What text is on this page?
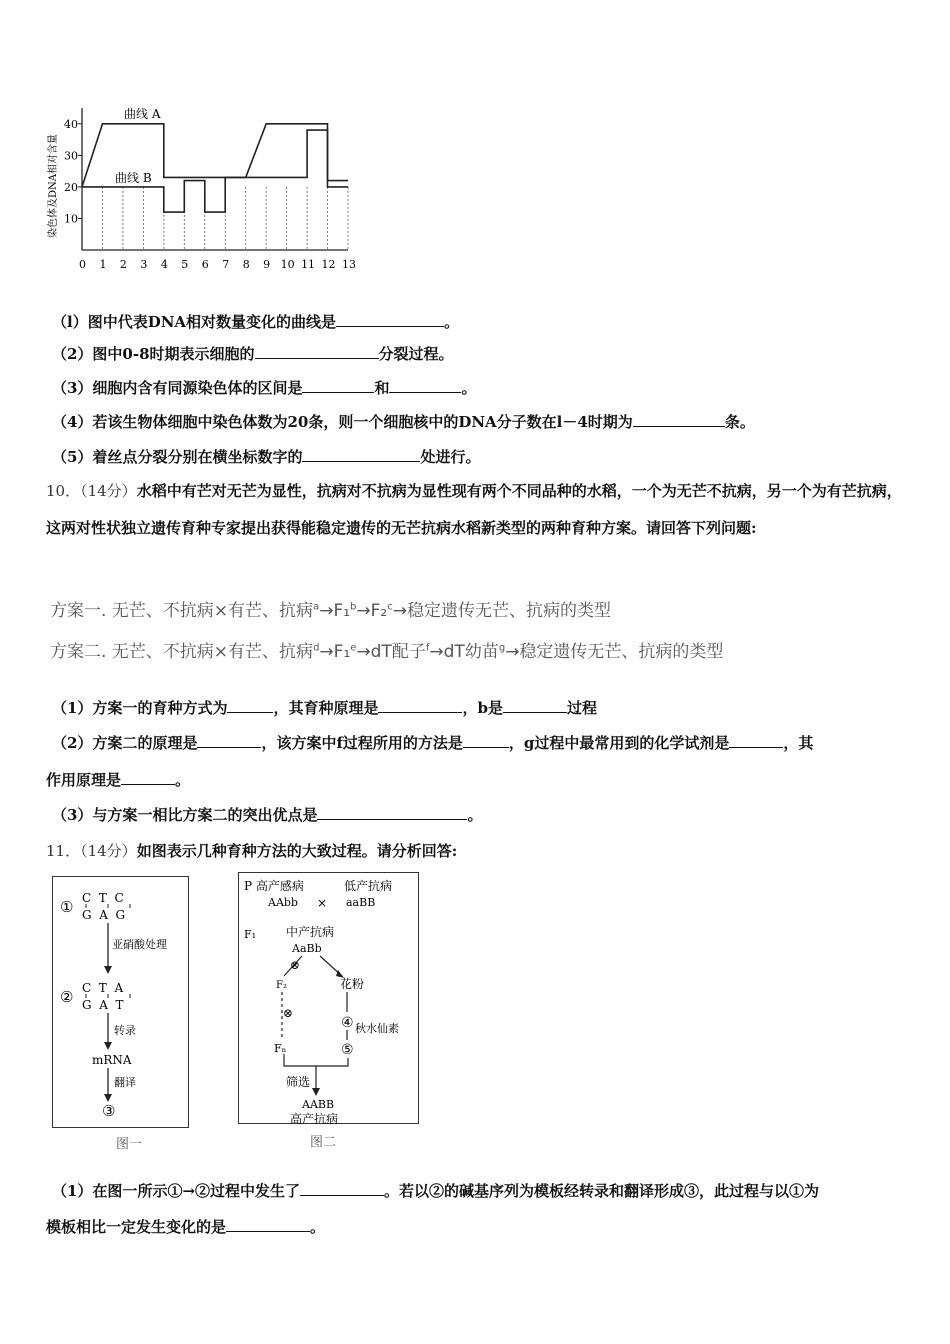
10
20
30
40
0 1 2 3 4 5 6 7 8 9 10 11 12 13
曲线 A
曲线 B
染色体及DNA相对含量
（l）图中代表DNA相对数量变化的曲线是	。
（2）图中0-8时期表示细胞的	分裂过程。
（3）细胞内含有同源染色体的区间是	和	。
（4）若该生物体细胞中染色体数为20条，则一个细胞核中的DNA分子数在l－4时期为	条。
（5）着丝点分裂分别在横坐标数字的	处进行。
10．（14分）水稻中有芒对无芒为显性，抗病对不抗病为显性现有两个不同品种的水稻，一个为无芒不抗病，另一个为有芒抗病，这两对性状独立遗传育种专家提出获得能稳定遗传的无芒抗病水稻新类型的两种育种方案。请回答下列问题:
方案一. 无芒、不抗病×有芒、抗病$^a$→F₁$^b$→F₂$^c$→稳定遗传无芒、抗病的类型
方案二. 无芒、不抗病×有芒、抗病$^d$→F₁$^e$→dT配子$^f$→dT幼苗$^g$→稳定遗传无芒、抗病的类型
（1）方案一的育种方式为	，其育种原理是	，b是	过程
（2）方案二的原理是	，该方案中f过程所用的方法是	，g过程中最常用到的化学试剂是	，其
作用原理是	。
（3）与方案一相比方案二的突出优点是	。
11．（14分）如图表示几种育种方法的大致过程。请分析回答:
① C  T  C
G  A  G
亚硝酸处理
② C  T  A
G  A  T
转录
mRNA
翻译
③
图一
P 高产感病	低产抗病
AAbb × aaBB
F₁ 中产抗病
AaBb
⊗
花粉
F₂
⊗
Fₙ
④ 秋水仙素
⑤
筛选
AABB
高产抗病
图二
（1）在图一所示①→②过程中发生了	。若以②的碱基序列为模板经转录和翻译形成③，此过程与以①为
模板相比一定发生变化的是	。
